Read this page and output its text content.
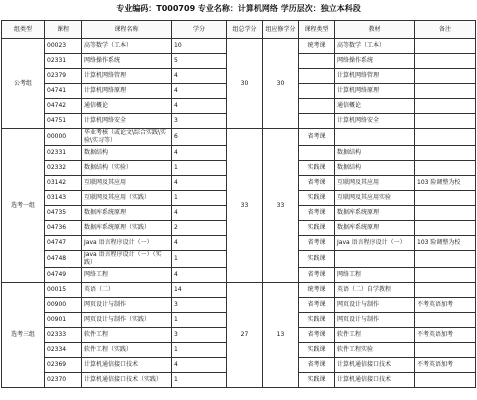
专业编码：T000709 专业名称：计算机网络 学历层次：独立本科段
组类型	课程	课程名称	学分	组总学分	组应修学分	课程类型	教材	备注
公考组	00023	高等数学（工本）	10	30	30	统考课	高等数学（工本）	
	02331	网络操作系统	5				网络操作系统	
	02379	计算机网络管理	4				计算机网络管理	
	04741	计算机网络原理	4				计算机网络原理	
	04742	通信概论	4				通信概论	
	04751	计算机网络安全	3				计算机网络安全	
选考一组	00000	毕业考核（或论文\综合实践\实验\实习等）	6	33	33	省考课		
	02331	数据结构	4				数据结构	
	02332	数据结构（实验）	1			实践课	数据结构	
	03142	互联网及其应用	4			省考课	互联网及其应用	103 险调整为校
	03143	互联网及其应用（实践）	1			实践课	互联网及其应用实验	
	04735	数据库系统原理	4			省考课	数据库系统原理	
	04736	数据库系统原理（实践）	2			实践课	数据库系统原理	
	04747	Java 语言程序设计（一）	4			省考课	Java 语言程序设计（一）	103 险调整为校
	04748	Java 语言程序设计（一）（实践）	1			实践课		
	04749	网络工程	4			省考课	网络工程	
选考三组	00015	英语（二）	14	27	13	统考课	英语（二）自学教程	
	00900	网页设计与制作	3			省考课	网页设计与制作	不考英语加考
	00901	网页设计与制作（实践）	1			实践课	网页设计与制作	
	02333	软件工程	3			省考课	软件工程	不考英语加考
	02334	软件工程（实践）	1			实践课	软件工程实验	
	02369	计算机通信接口技术	4			省考课	计算机通信接口技术	不考英语加考
	02370	计算机通信接口技术（实践）	1			实践课	计算机通信接口技术	
